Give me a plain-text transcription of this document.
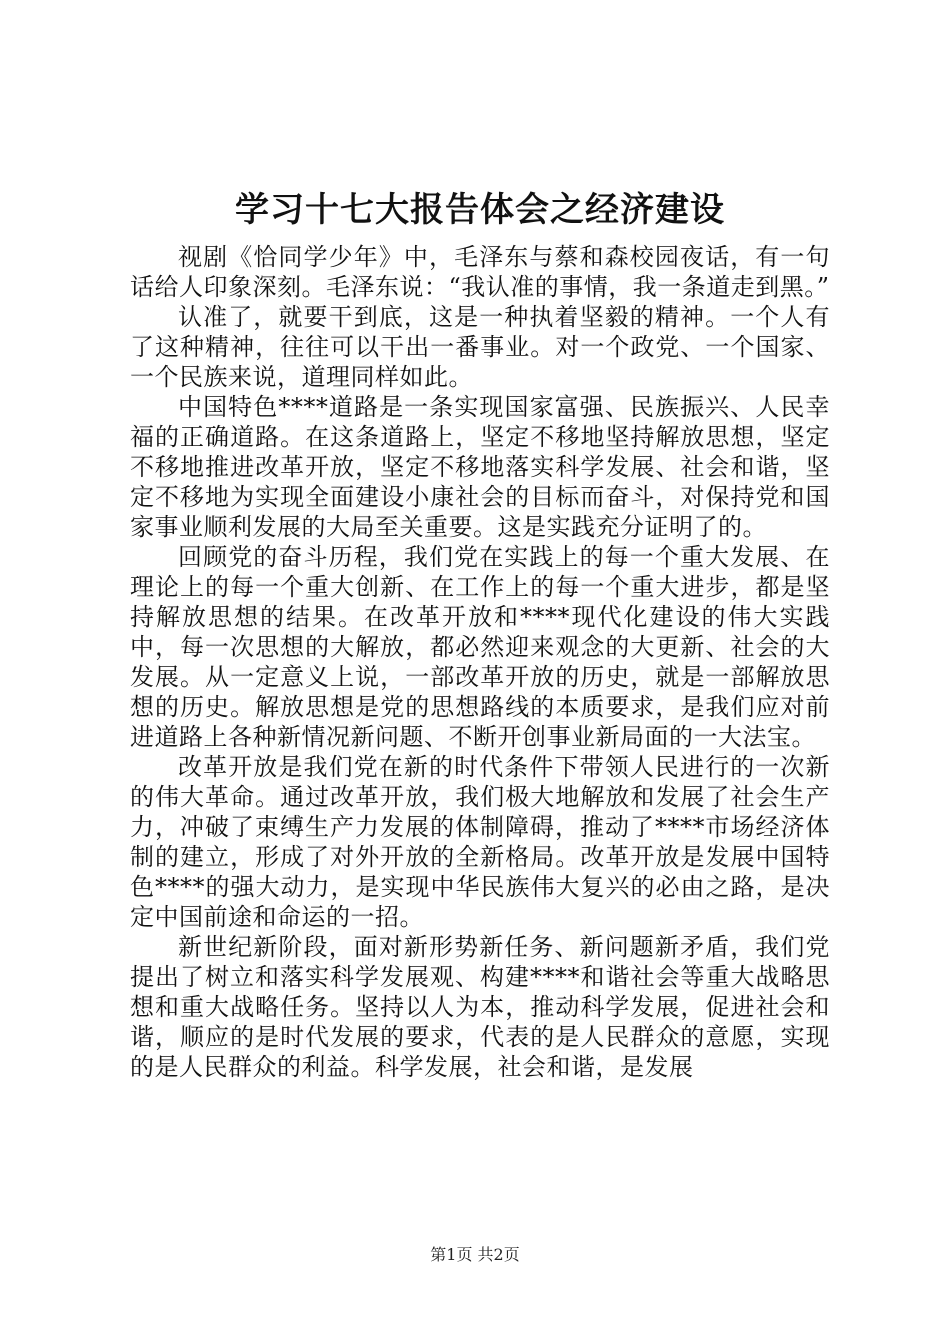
学习十七大报告体会之经济建设

视剧《恰同学少年》中，毛泽东与蔡和森校园夜话，有一句话给人印象深刻。毛泽东说：“我认准的事情，我一条道走到黑。”

认准了，就要干到底，这是一种执着坚毅的精神。一个人有了这种精神，往往可以干出一番事业。对一个政党、一个国家、一个民族来说，道理同样如此。

中国特色****道路是一条实现国家富强、民族振兴、人民幸福的正确道路。在这条道路上，坚定不移地坚持解放思想，坚定不移地推进改革开放，坚定不移地落实科学发展、社会和谐，坚定不移地为实现全面建设小康社会的目标而奋斗，对保持党和国家事业顺利发展的大局至关重要。这是实践充分证明了的。

回顾党的奋斗历程，我们党在实践上的每一个重大发展、在理论上的每一个重大创新、在工作上的每一个重大进步，都是坚持解放思想的结果。在改革开放和****现代化建设的伟大实践中，每一次思想的大解放，都必然迎来观念的大更新、社会的大发展。从一定意义上说，一部改革开放的历史，就是一部解放思想的历史。解放思想是党的思想路线的本质要求，是我们应对前进道路上各种新情况新问题、不断开创事业新局面的一大法宝。

改革开放是我们党在新的时代条件下带领人民进行的一次新的伟大革命。通过改革开放，我们极大地解放和发展了社会生产力，冲破了束缚生产力发展的体制障碍，推动了****市场经济体制的建立，形成了对外开放的全新格局。改革开放是发展中国特色****的强大动力，是实现中华民族伟大复兴的必由之路，是决定中国前途和命运的一招。

新世纪新阶段，面对新形势新任务、新问题新矛盾，我们党提出了树立和落实科学发展观、构建****和谐社会等重大战略思想和重大战略任务。坚持以人为本，推动科学发展，促进社会和谐，顺应的是时代发展的要求，代表的是人民群众的意愿，实现的是人民群众的利益。科学发展，社会和谐，是发展

第1页 共2页
